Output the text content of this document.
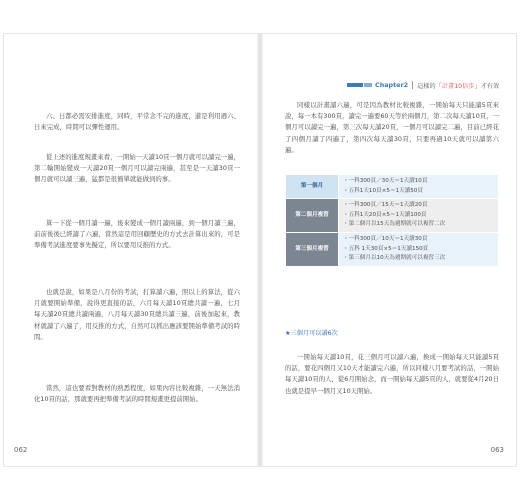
六、日都必需安排進度，同時，平常念不完的進度，還是利用週六、日來完成，時間可以彈性運用。
從上述的進度規畫來看，一開始一天讀10頁一個月就可以讀完一遍，第二輪開始變成一天讀20頁一個月可以讀完兩遍，甚至是一天讀30頁一個月就可以讀三遍，猛都是很簡單就能做到的事。
算一下從一個月讀一遍，後來變成一個月讀兩遍，到一個月讀三遍，前前後後已經讀了六遍，當然這是用回顧歷史的方式去計算出來的，可是準備考試進度要事先擬定，所以要用反推的方式。
也就是說，如果是八月份的考試，打算讀六遍，照以上的算法，從六月就要開始準備，說得更直接的話，六月每天讀10頁總共讀一遍，七月每天讀20頁總共讀兩遍，八月每天讀30頁總共讀三遍，前後加起來，教材就讀了六遍了，用反推的方式，自然可以抓出應該要開始準備考試的時間。
當然，這也要看對教材的熟悉程度，如果內容比較複雜，一天無法消化10頁的話，那就要再把準備考試的時間規畫更提前開始。
062
Chapter2 這樣的「計畫10倍步」才有效
同樣以計畫讀六遍，可是因為教材比較複雜，一開始每天只能讀5頁來說，每一本有300頁，讀完一遍要60天等於兩個月，第二次每天讀10頁，一個月可以讀完一遍，第三次每天讀20頁，一個月可以讀完二遍，目前已經花了四個月讀了四遍了，第四次每天讀30頁，只要再過10天就可以讀第六遍。
第一個月	・一科300頁／30天＝1天讀10頁
・五科1天10頁×5＝1天讀50頁

第二個月複習	・一科300頁／15天＝1天讀20頁
・五科1天20頁×5＝1天讀100頁
・第二個月以15天為週期就可以複習二次

第三個月複習	・一科300頁／10天＝1天讀30頁
・五科 1天30頁×5＝1天讀150頁
・第三個月以10天為週期就可以複習三次
★三個月可以讀6次
一開始每天讀10頁，花三個月可以讀六遍，換成一開始每天只能讀5頁的話，要花四個月又10天才能讀完六遍，所以同樣八月要考試的話，一開始每天讀10頁的人，從6月開始念，而一開始每天讀5頁的人，就要從4月20日也就是提早一個月又10天開始。
063
